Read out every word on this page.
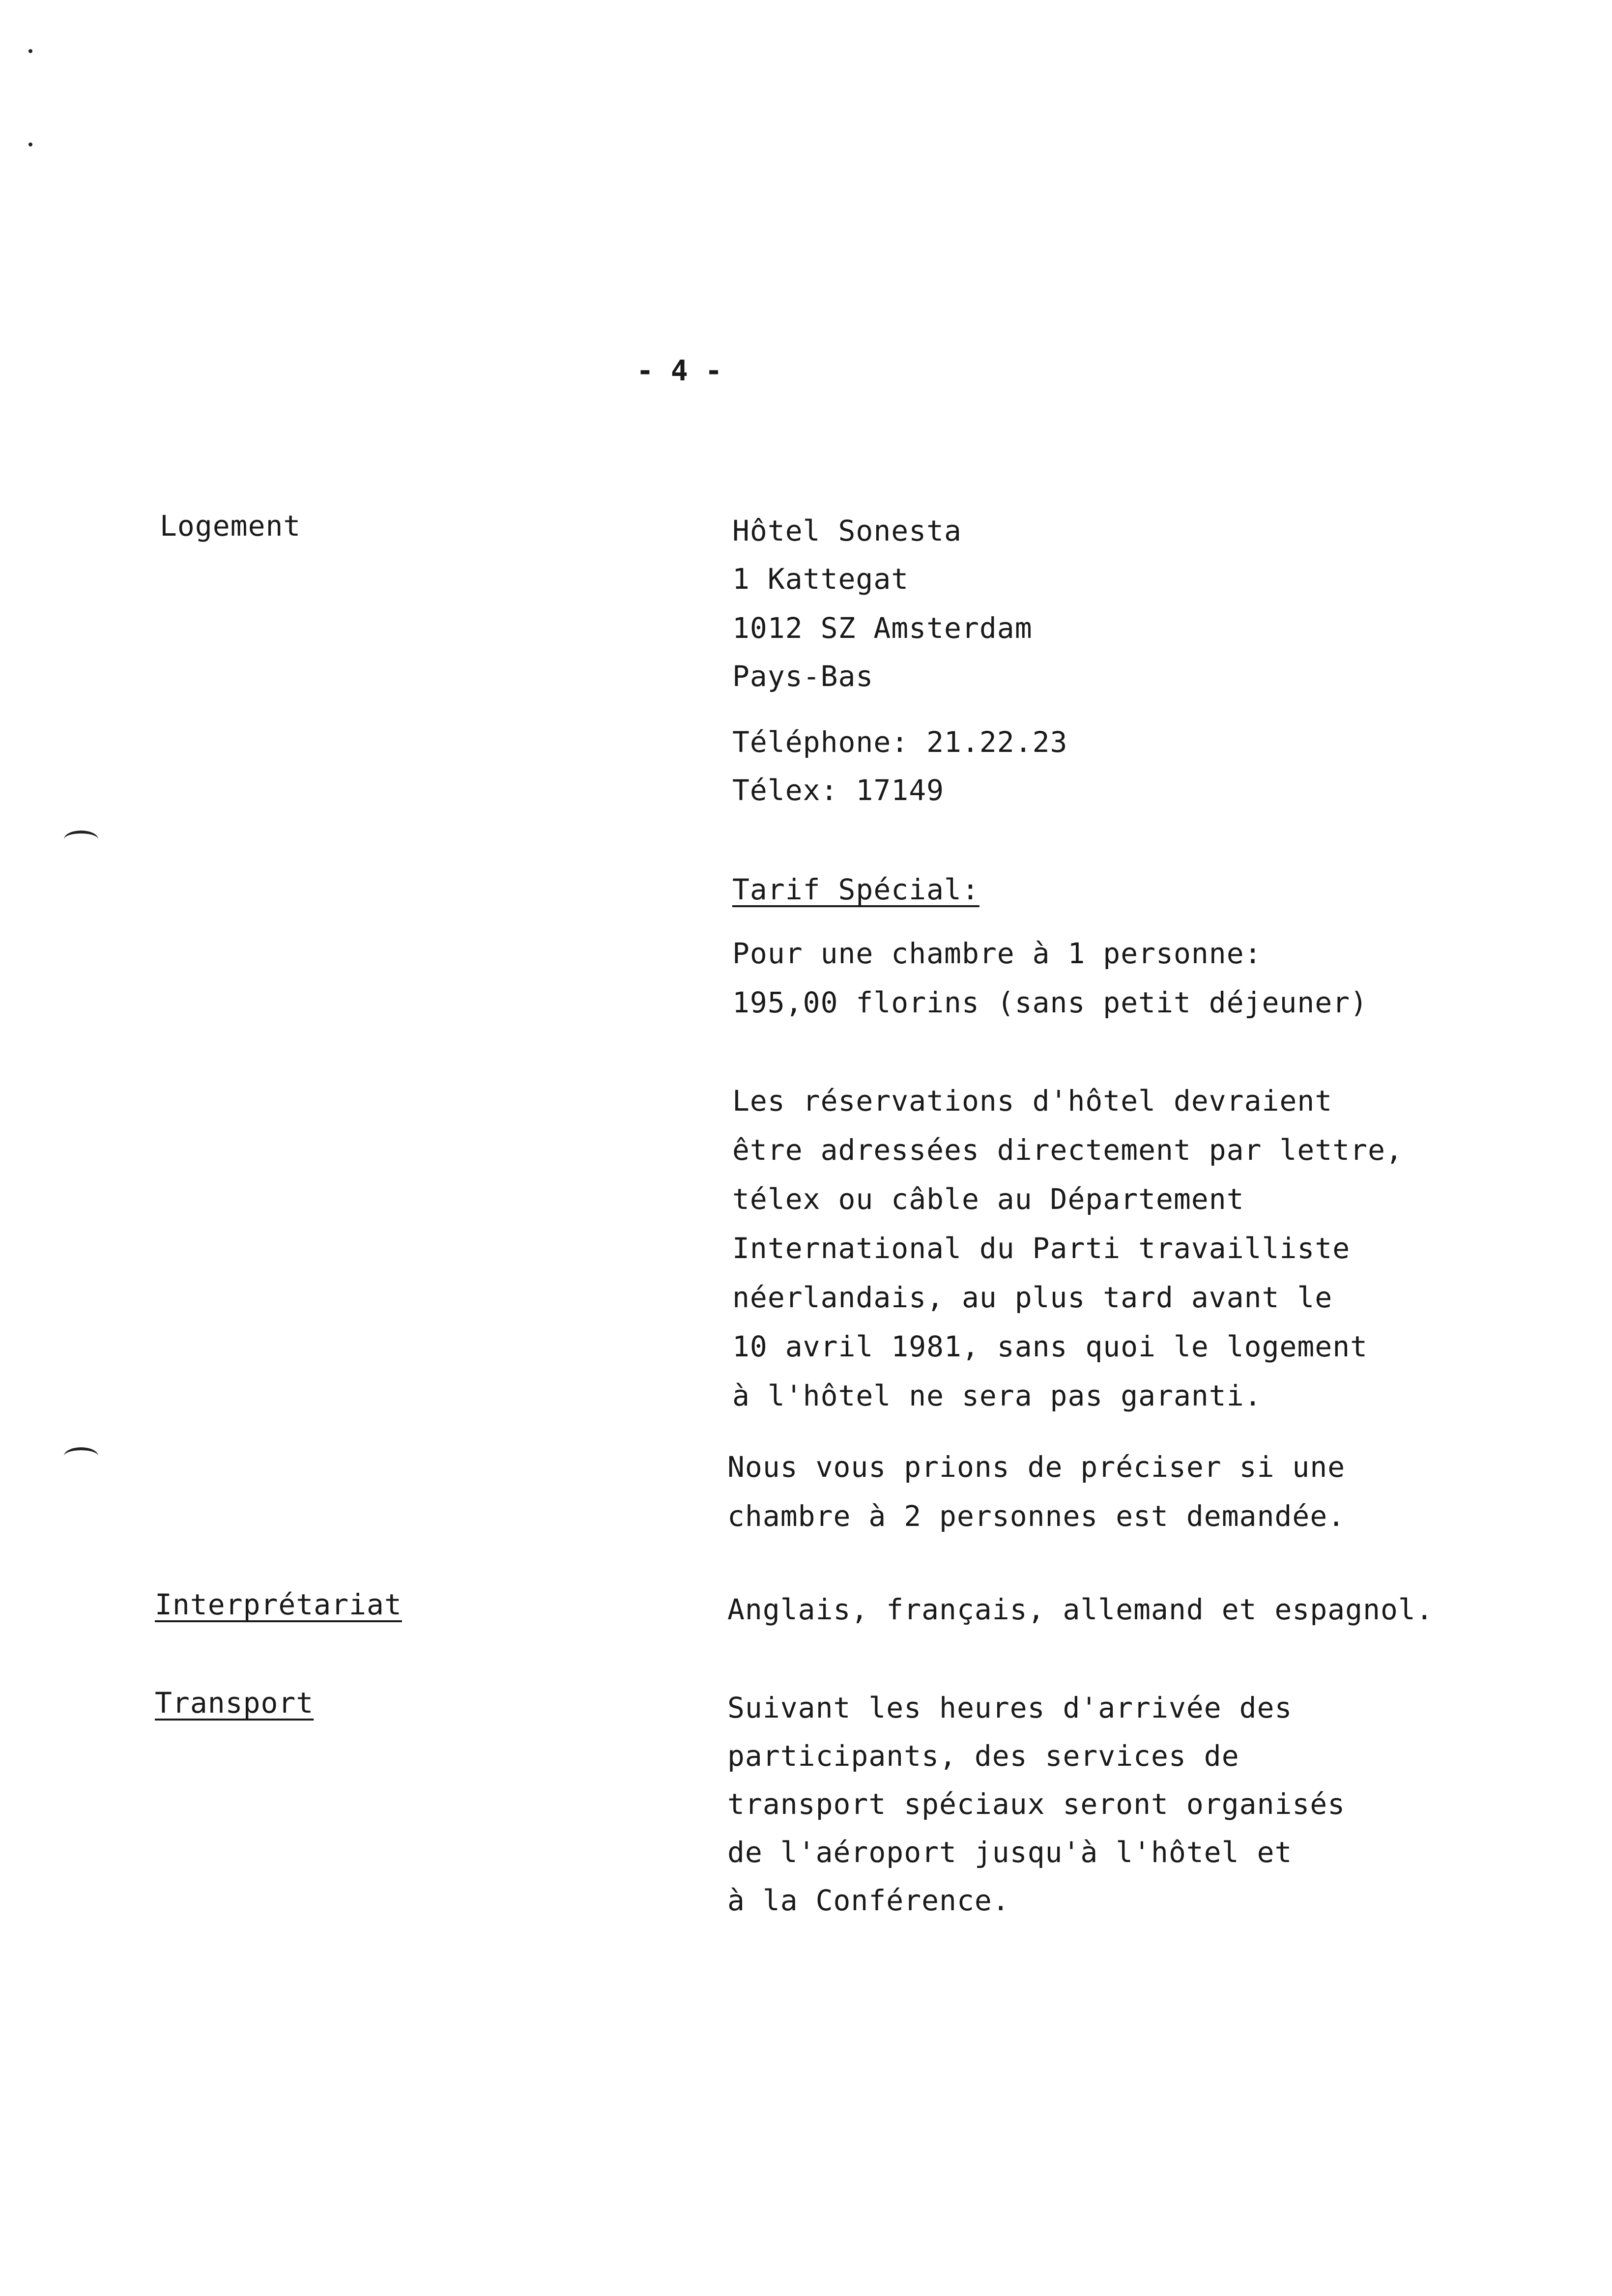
- 4 -
Logement	Hôtel Sonesta
1 Kattegat
1012 SZ Amsterdam
Pays-Bas
Téléphone: 21.22.23
Télex: 17149
Tarif Spécial:
Pour une chambre à 1 personne:
195,00 florins (sans petit déjeuner)
Les réservations d'hôtel devraient
être adressées directement par lettre,
télex ou câble au Département
International du Parti travailliste
néerlandais, au plus tard avant le
10 avril 1981, sans quoi le logement
à l'hôtel ne sera pas garanti.
Nous vous prions de préciser si une
chambre à 2 personnes est demandée.
Interprétariat	Anglais, français, allemand et espagnol.
Transport	Suivant les heures d'arrivée des
participants, des services de
transport spéciaux seront organisés
de l'aéroport jusqu'à l'hôtel et
à la Conférence.
